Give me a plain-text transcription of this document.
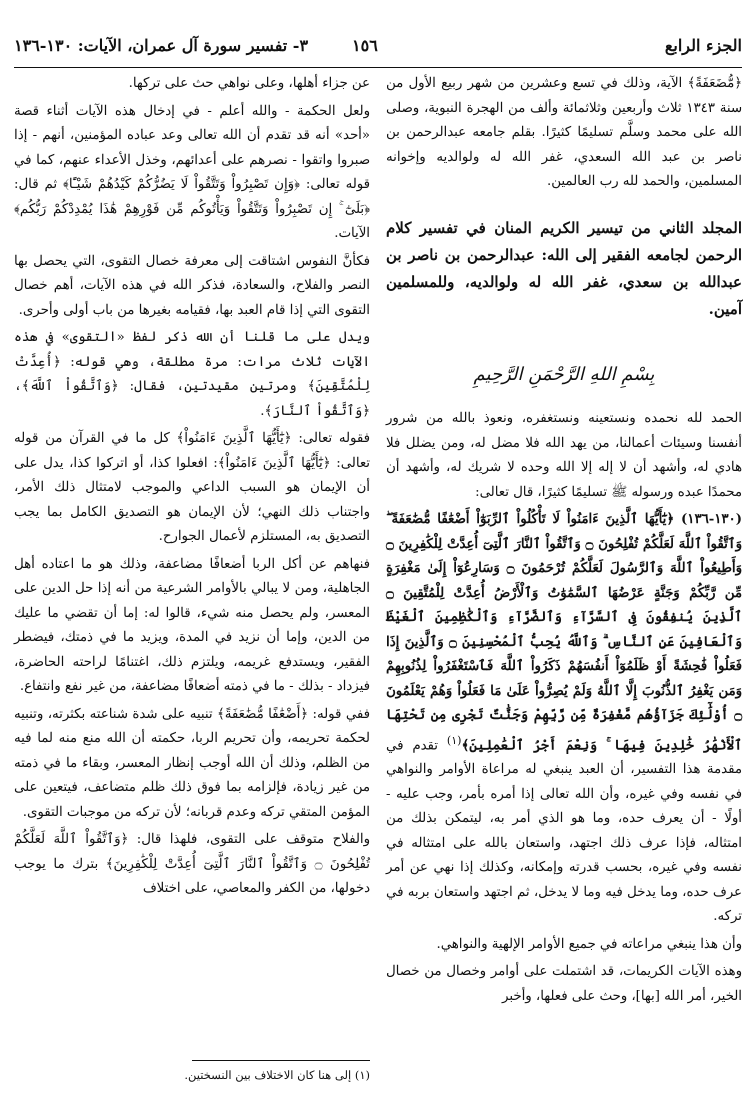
الجزء الرابع
١٥٦
٣- تفسير سورة آل عمران، الآيات: ١٣٠-١٣٦

﴿مُّضَعَفَةً﴾ الآية، وذلك في تسع وعشرين من شهر ربيع الأول من سنة ١٣٤٣ ثلاث وأربعين وثلاثمائة وألف من الهجرة النبوية، وصلى الله على محمد وسلَّم تسليمًا كثيرًا. بقلم جامعه عبدالرحمن بن ناصر بن عبد الله السعدي، غفر الله له ولوالديه وإخوانه المسلمين، والحمد لله رب العالمين.

المجلد الثاني من تيسير الكريم المنان في تفسير كلام الرحمن لجامعه الفقير إلى الله: عبدالرحمن بن ناصر بن عبدالله بن سعدي، غفر الله له ولوالديه، وللمسلمين آمين.

بِسْمِ اللهِ الرَّحْمَنِ الرَّحِيمِ

الحمد لله نحمده ونستعينه ونستغفره، ونعوذ بالله من شرور أنفسنا وسيئات أعمالنا، من يهد الله فلا مضل له، ومن يضلل فلا هادي له، وأشهد أن لا إله إلا الله وحده لا شريك له، وأشهد أن محمدًا عبده ورسوله ﷺ تسليمًا كثيرًا، قال تعالى:

(١٣٠-١٣٦) ﴿يَٰٓأَيُّهَا ٱلَّذِينَ ءَامَنُواْ لَا تَأْكُلُواْ ٱلرِّبَوٰٓاْ أَضْعَٰفًا مُّضَٰعَفَةً ۖ وَٱتَّقُواْ ٱللَّهَ لَعَلَّكُمْ تُفْلِحُونَ ۝ وَٱتَّقُواْ ٱلنَّارَ ٱلَّتِىٓ أُعِدَّتْ لِلْكَٰفِرِينَ ۝ وَأَطِيعُواْ ٱللَّهَ وَٱلرَّسُولَ لَعَلَّكُمْ تُرْحَمُونَ ۝ وَسَارِعُوٓاْ إِلَىٰ مَغْفِرَةٍ مِّن رَّبِّكُمْ وَجَنَّةٍ عَرْضُهَا ٱلسَّمَٰوَٰتُ وَٱلْأَرْضُ أُعِدَّتْ لِلْمُتَّقِينَ ۝ ٱلَّذِينَ يُنفِقُونَ فِى ٱلسَّرَّآءِ وَٱلضَّرَّآءِ وَٱلْكَٰظِمِينَ ٱلْغَيْظَ وَٱلْعَافِينَ عَنِ ٱلنَّاسِ ۗ وَٱللَّهُ يُحِبُّ ٱلْمُحْسِنِينَ ۝ وَٱلَّذِينَ إِذَا فَعَلُواْ فَٰحِشَةً أَوْ ظَلَمُوٓاْ أَنفُسَهُمْ ذَكَرُواْ ٱللَّهَ فَٱسْتَغْفَرُواْ لِذُنُوبِهِمْ وَمَن يَغْفِرُ ٱلذُّنُوبَ إِلَّا ٱللَّهُ وَلَمْ يُصِرُّواْ عَلَىٰ مَا فَعَلُواْ وَهُمْ يَعْلَمُونَ ۝ أُوْلَٰٓئِكَ جَزَآؤُهُم مَّغْفِرَةٌ مِّن رَّبِّهِمْ وَجَنَّٰتٌ تَجْرِى مِن تَحْتِهَا ٱلْأَنْهَٰرُ خَٰلِدِينَ فِيهَا ۚ وَنِعْمَ أَجْرُ ٱلْعَٰمِلِينَ﴾$^{(١)}$ تقدم في مقدمة هذا التفسير، أن العبد ينبغي له مراعاة الأوامر والنواهي في نفسه وفي غيره، وأن الله تعالى إذا أمره بأمر، وجب عليه - أولًا - أن يعرف حده، وما هو الذي أمر به، ليتمكن بذلك من امتثاله، فإذا عرف ذلك اجتهد، واستعان بالله على امتثاله في نفسه وفي غيره، بحسب قدرته وإمكانه، وكذلك إذا نهي عن أمر عرف حده، وما يدخل فيه وما لا يدخل، ثم اجتهد واستعان بربه في تركه.

وأن هذا ينبغي مراعاته في جميع الأوامر الإلهية والنواهي.

وهذه الآيات الكريمات، قد اشتملت على أوامر وخصال من خصال الخير، أمر الله [بها]، وحث على فعلها، وأخبر

عن جزاء أهلها، وعلى نواهي حث على تركها.

ولعل الحكمة - والله أعلم - في إدخال هذه الآيات أثناء قصة «أحد» أنه قد تقدم أن الله تعالى وعد عباده المؤمنين، أنهم - إذا صبروا واتقوا - نصرهم على أعدائهم، وخذل الأعداء عنهم، كما في قوله تعالى: ﴿وَإِن تَصْبِرُواْ وَتَتَّقُواْ لَا يَضُرُّكُمْ كَيْدُهُمْ شَيْـًٔا﴾ ثم قال: ﴿بَلَىٰٓ ۚ إِن تَصْبِرُواْ وَتَتَّقُواْ وَيَأْتُوكُم مِّن فَوْرِهِمْ هَٰذَا يُمْدِدْكُمْ رَبُّكُم﴾ الآيات.

فكأنَّ النفوس اشتاقت إلى معرفة خصال التقوى، التي يحصل بها النصر والفلاح، والسعادة، فذكر الله في هذه الآيات، أهم خصال التقوى التي إذا قام العبد بها، فقيامه بغيرها من باب أولى وأحرى.

ويدل على ما قلنا أن الله ذكر لفظ «التقوى» في هذه الآيات ثلاث مرات: مرة مطلقة، وهي قوله: ﴿أُعِدَّتْ لِلْمُتَّقِينَ﴾ ومرتين مقيدتين، فقال: ﴿وَٱتَّقُواْ ٱللَّهَ﴾، ﴿وَٱتَّقُواْ ٱلنَّارَ﴾.

فقوله تعالى: ﴿يَٰٓأَيُّهَا ٱلَّذِينَ ءَامَنُواْ﴾ كل ما في القرآن من قوله تعالى: ﴿يَٰٓأَيُّهَا ٱلَّذِينَ ءَامَنُواْ﴾: افعلوا كذا، أو اتركوا كذا، يدل على أن الإيمان هو السبب الداعي والموجب لامتثال ذلك الأمر، واجتناب ذلك النهي؛ لأن الإيمان هو التصديق الكامل بما يجب التصديق به، المستلزم لأعمال الجوارح.

فنهاهم عن أكل الربا أضعافًا مضاعفة، وذلك هو ما اعتاده أهل الجاهلية، ومن لا يبالي بالأوامر الشرعية من أنه إذا حل الدين على المعسر، ولم يحصل منه شيء، قالوا له: إما أن تقضي ما عليك من الدين، وإما أن نزيد في المدة، ويزيد ما في ذمتك، فيضطر الفقير، ويستدفع غريمه، ويلتزم ذلك، اغتنامًا لراحته الحاضرة، فيزداد - بذلك - ما في ذمته أضعافًا مضاعفة، من غير نفع وانتفاع.

ففي قوله: ﴿أَضْعَٰفًا مُّضَٰعَفَةً﴾ تنبيه على شدة شناعته بكثرته، وتنبيه لحكمة تحريمه، وأن تحريم الربا، حكمته أن الله منع منه لما فيه من الظلم، وذلك أن الله أوجب إنظار المعسر، وبقاء ما في ذمته من غير زيادة، فإلزامه بما فوق ذلك ظلم متضاعف، فيتعين على المؤمن المتقي تركه وعدم قربانه؛ لأن تركه من موجبات التقوى.

والفلاح متوقف على التقوى، فلهذا قال: ﴿وَٱتَّقُواْ ٱللَّهَ لَعَلَّكُمْ تُفْلِحُونَ ۝ وَٱتَّقُواْ ٱلنَّارَ ٱلَّتِىٓ أُعِدَّتْ لِلْكَٰفِرِينَ﴾ بترك ما يوجب دخولها، من الكفر والمعاصي، على اختلاف

(١) إلى هنا كان الاختلاف بين النسختين.
